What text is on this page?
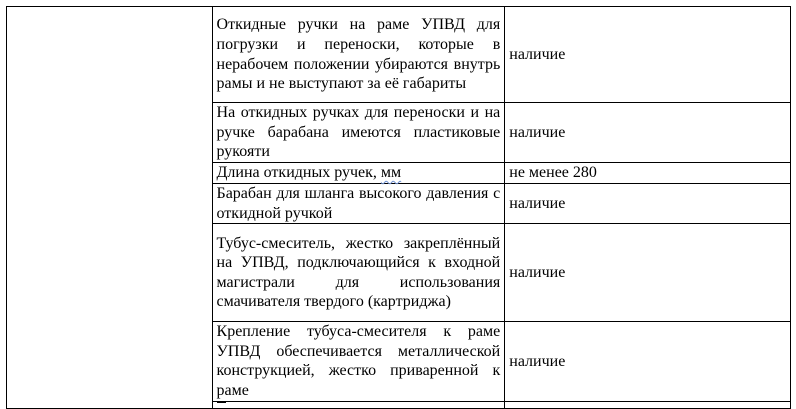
	Откидные ручки на раме УПВД для погрузки и переноски, которые в нерабочем положении убираются внутрь рамы и не выступают за её габариты	наличие

	На откидных ручках для переноски и на ручке барабана имеются пластиковые рукояти	наличие
	Длина откидных ручек, мм	не менее 280

	Барабан для шланга высокого давления с откидной ручкой	наличие

	Тубус-смеситель, жестко закреплённый на УПВД, подключающийся к входной магистрали для использования смачивателя твердого (картриджа)	наличие

	Крепление тубуса-смесителя к раме УПВД обеспечивается металлической конструкцией, жестко приваренной к раме	наличие
